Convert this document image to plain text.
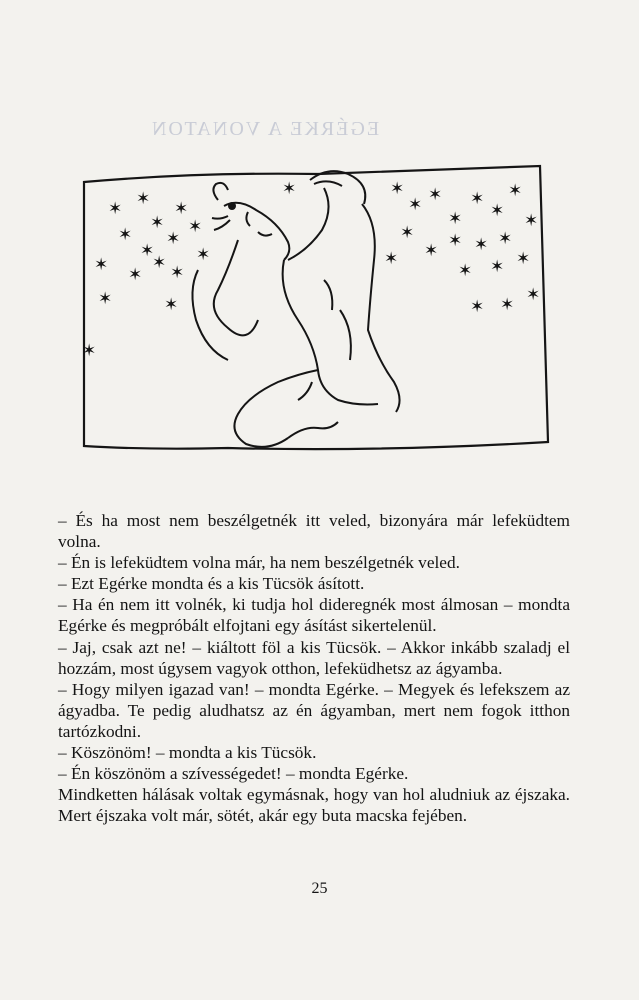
EGÉRKE A VONATON
✶ ✶
✶
✶
✶
✶
✶
✶
✶ ✶
✶ ✶
✶
✶	✶
✶
✶	✶
✶ ✶
✶
✶
✶
✶
✶
✶
✶ ✶ ✶ ✶
✶
✶
✶ ✶
✶
✶ ✶

– És ha most nem beszélgetnék itt veled, bizonyára már lefeküdtem volna.

– Én is lefeküdtem volna már, ha nem beszélgetnék veled.

– Ezt Egérke mondta és a kis Tücsök ásított.

– Ha én nem itt volnék, ki tudja hol dideregnék most álmosan – mondta Egérke és megpróbált elfojtani egy ásítást sikertelenül.

– Jaj, csak azt ne! – kiáltott föl a kis Tücsök. – Akkor inkább szaladj el hozzám, most úgysem vagyok otthon, lefeküdhetsz az ágyamba.

– Hogy milyen igazad van! – mondta Egérke. – Megyek és lefekszem az ágyadba. Te pedig aludhatsz az én ágyamban, mert nem fogok itthon tartózkodni.

– Köszönöm! – mondta a kis Tücsök.

– Én köszönöm a szívességedet! – mondta Egérke.

Mindketten hálásak voltak egymásnak, hogy van hol aludniuk az éjszaka. Mert éjszaka volt már, sötét, akár egy buta macska fejében.

25
